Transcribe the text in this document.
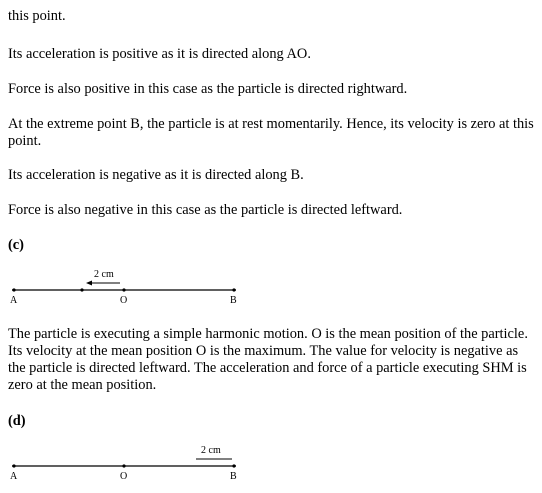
this point.

Its acceleration is positive as it is directed along AO.

Force is also positive in this case as the particle is directed rightward.

At the extreme point B, the particle is at rest momentarily. Hence, its velocity is zero at this point.

Its acceleration is negative as it is directed along B.

Force is also negative in this case as the particle is directed leftward.

(c)

2 cm
A	O	B

The particle is executing a simple harmonic motion. O is the mean position of the particle. Its velocity at the mean position O is the maximum. The value for velocity is negative as the particle is directed leftward. The acceleration and force of a particle executing SHM is zero at the mean position.

(d)

2 cm
A	O	B
